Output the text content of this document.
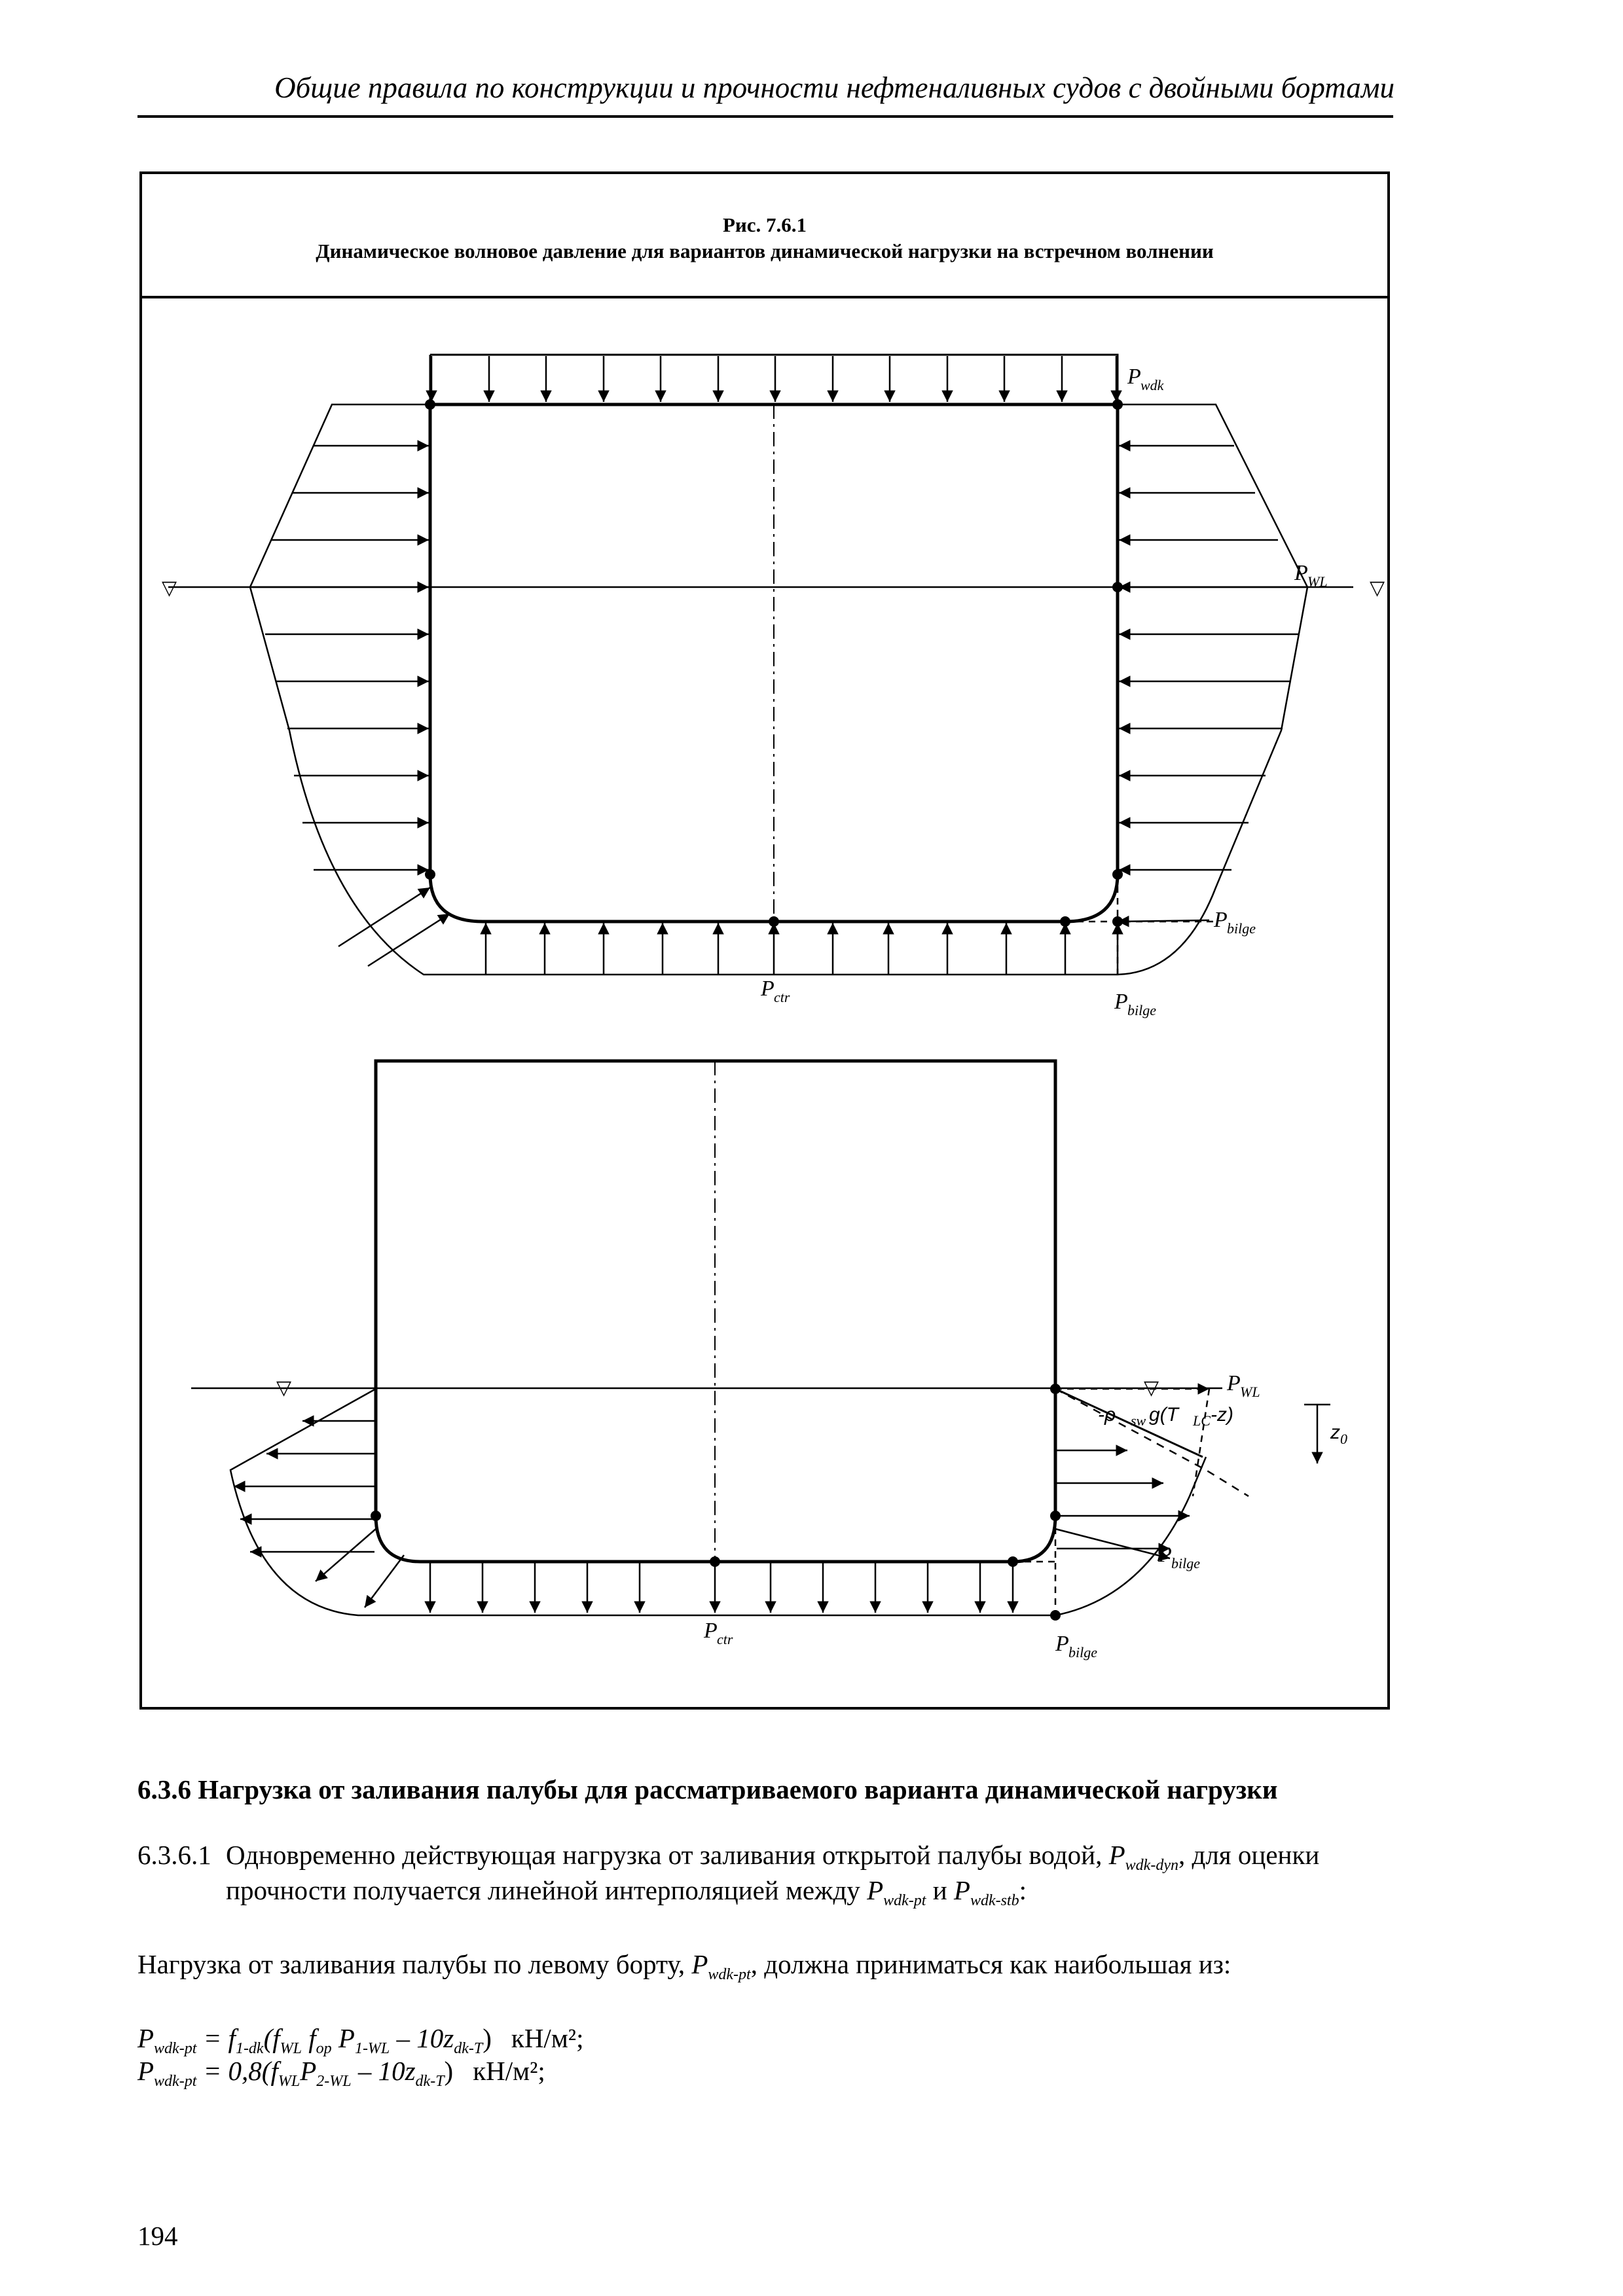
Общие правила по конструкции и прочности нефтеналивных судов с двойными бортами
Рис. 7.6.1
Динамическое волновое давление для вариантов динамической нагрузки на встречном волнении
▽	▽
P wdk
P WL
P bilge
P ctr	P bilge
▽	▽	P WL
-ρ sw g(T LC -z)
z 0
P bilge
P ctr	P bilge
6.3.6 Нагрузка от заливания палубы для рассматриваемого варианта динамической нагрузки
6.3.6.1 Одновременно действующая нагрузка от заливания открытой палубы водой, $P_{wdk-dyn}$, для оценки
прочности получается линейной интерполяцией между $P_{wdk-pt}$ и $P_{wdk-stb}$:
Нагрузка от заливания палубы по левому борту, $P_{wdk-pt}$, должна приниматься как наибольшая из:
$P_{wdk-pt} = f_{1-dk}(f_{WL}$ $f_{op}$ $P_{1-WL} - 10z_{dk-T}$) кН/м²;
$P_{wdk-pt} = 0,8(f_{WL}P_{2-WL} - 10z_{dk-T})$ кН/м²;
194
